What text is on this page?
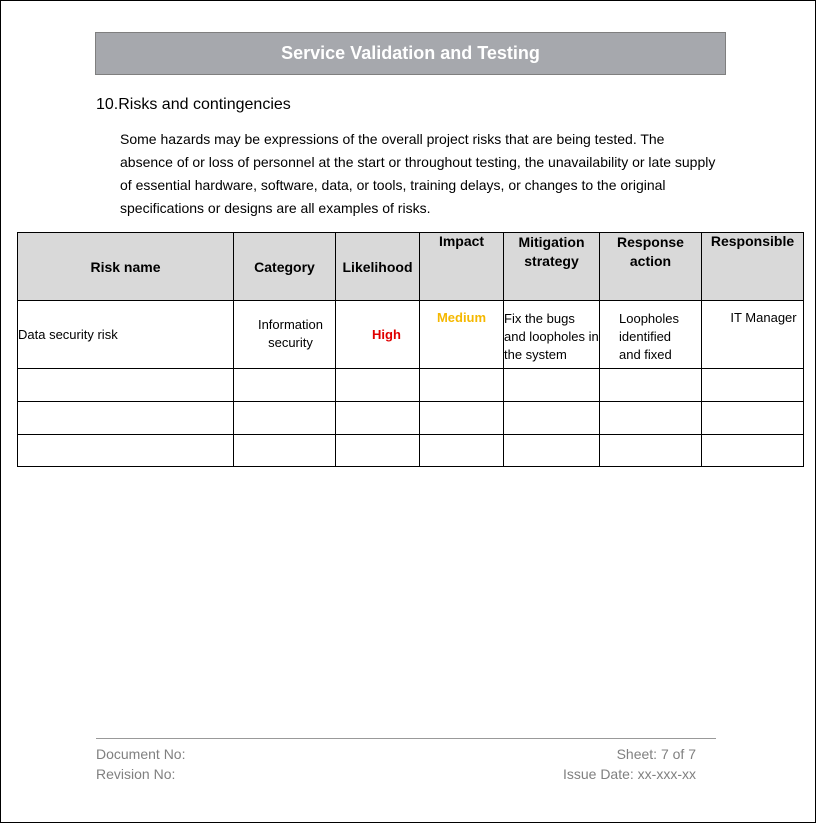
Service Validation and Testing
10.Risks and contingencies
Some hazards may be expressions of the overall project risks that are being tested. The absence of or loss of personnel at the start or throughout testing, the unavailability or late supply of essential hardware, software, data, or tools, training delays, or changes to the original specifications or designs are all examples of risks.
Risk name	Category	Likelihood	Impact	Mitigation strategy	Response action	Responsible
Data security risk	Information security	High	Medium	Fix the bugs and loopholes in the system	Loopholes identified and fixed	IT Manager

Document No:
Revision No:
Sheet: 7 of 7
Issue Date: xx-xxx-xx
